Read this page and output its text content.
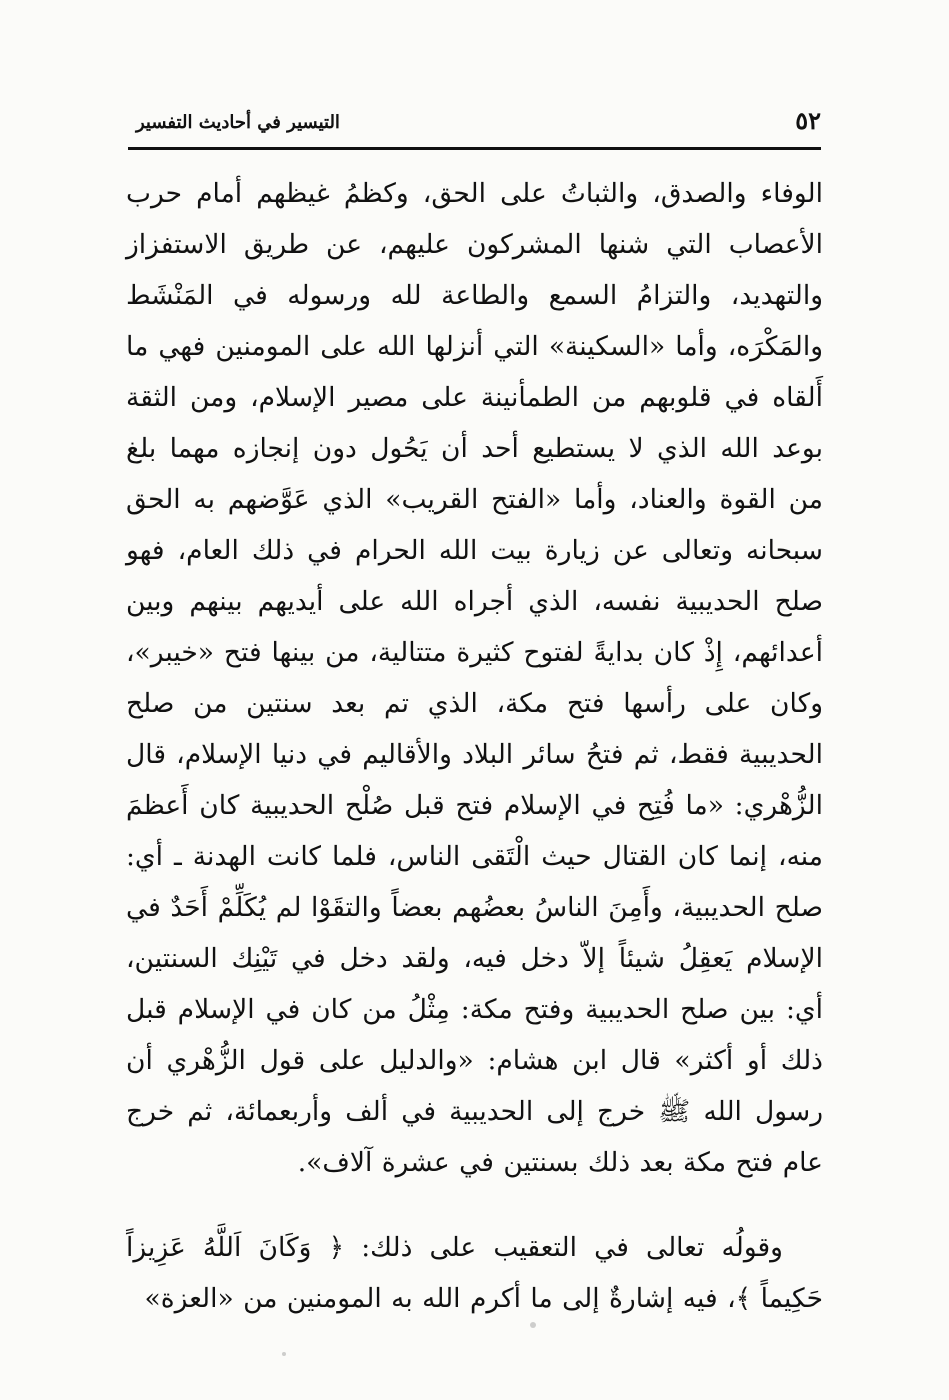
٥٢
التيسير في أحاديث التفسير

الوفاء والصدق، والثباتُ على الحق، وكظمُ غيظهم أمام حرب الأعصاب التي شنها المشركون عليهم، عن طريق الاستفزاز والتهديد، والتزامُ السمع والطاعة لله ورسوله في المَنْشَط والمَكْرَه، وأما «السكينة» التي أنزلها الله على المومنين فهي ما أَلقاه في قلوبهم من الطمأنينة على مصير الإسلام، ومن الثقة بوعد الله الذي لا يستطيع أحد أن يَحُول دون إنجازه مهما بلغ من القوة والعناد، وأما «الفتح القريب» الذي عَوَّضهم به الحق سبحانه وتعالى عن زيارة بيت الله الحرام في ذلك العام، فهو صلح الحديبية نفسه، الذي أجراه الله على أيديهم بينهم وبين أعدائهم، إِذْ كان بدايةً لفتوح كثيرة متتالية، من بينها فتح «خيبر»، وكان على رأسها فتح مكة، الذي تم بعد سنتين من صلح الحديبية فقط، ثم فتحُ سائر البلاد والأقاليم في دنيا الإسلام، قال الزُّهْري: «ما فُتِح في الإسلام فتح قبل صُلْح الحديبية كان أَعظمَ منه، إنما كان القتال حيث الْتَقى الناس، فلما كانت الهدنة ـ أي: صلح الحديبية، وأَمِنَ الناسُ بعضُهم بعضاً والتقَوْا لم يُكَلِّمْ أَحَدٌ في الإسلام يَعقِلُ شيئاً إلاّ دخل فيه، ولقد دخل في تَيْنِك السنتين، أي: بين صلح الحديبية وفتح مكة: مِثْلُ من كان في الإسلام قبل ذلك أو أكثر» قال ابن هشام: «والدليل على قول الزُّهْري أن رسول الله ﷺ خرج إلى الحديبية في ألف وأربعمائة، ثم خرج عام فتح مكة بعد ذلك بسنتين في عشرة آلاف».

وقولُه تعالى في التعقيب على ذلك: ﴿ وَكَانَ اَللَّهُ عَزِيزاً حَكِيماً ﴾، فيه إشارةٌ إلى ما أكرم الله به المومنين من «العزة»
